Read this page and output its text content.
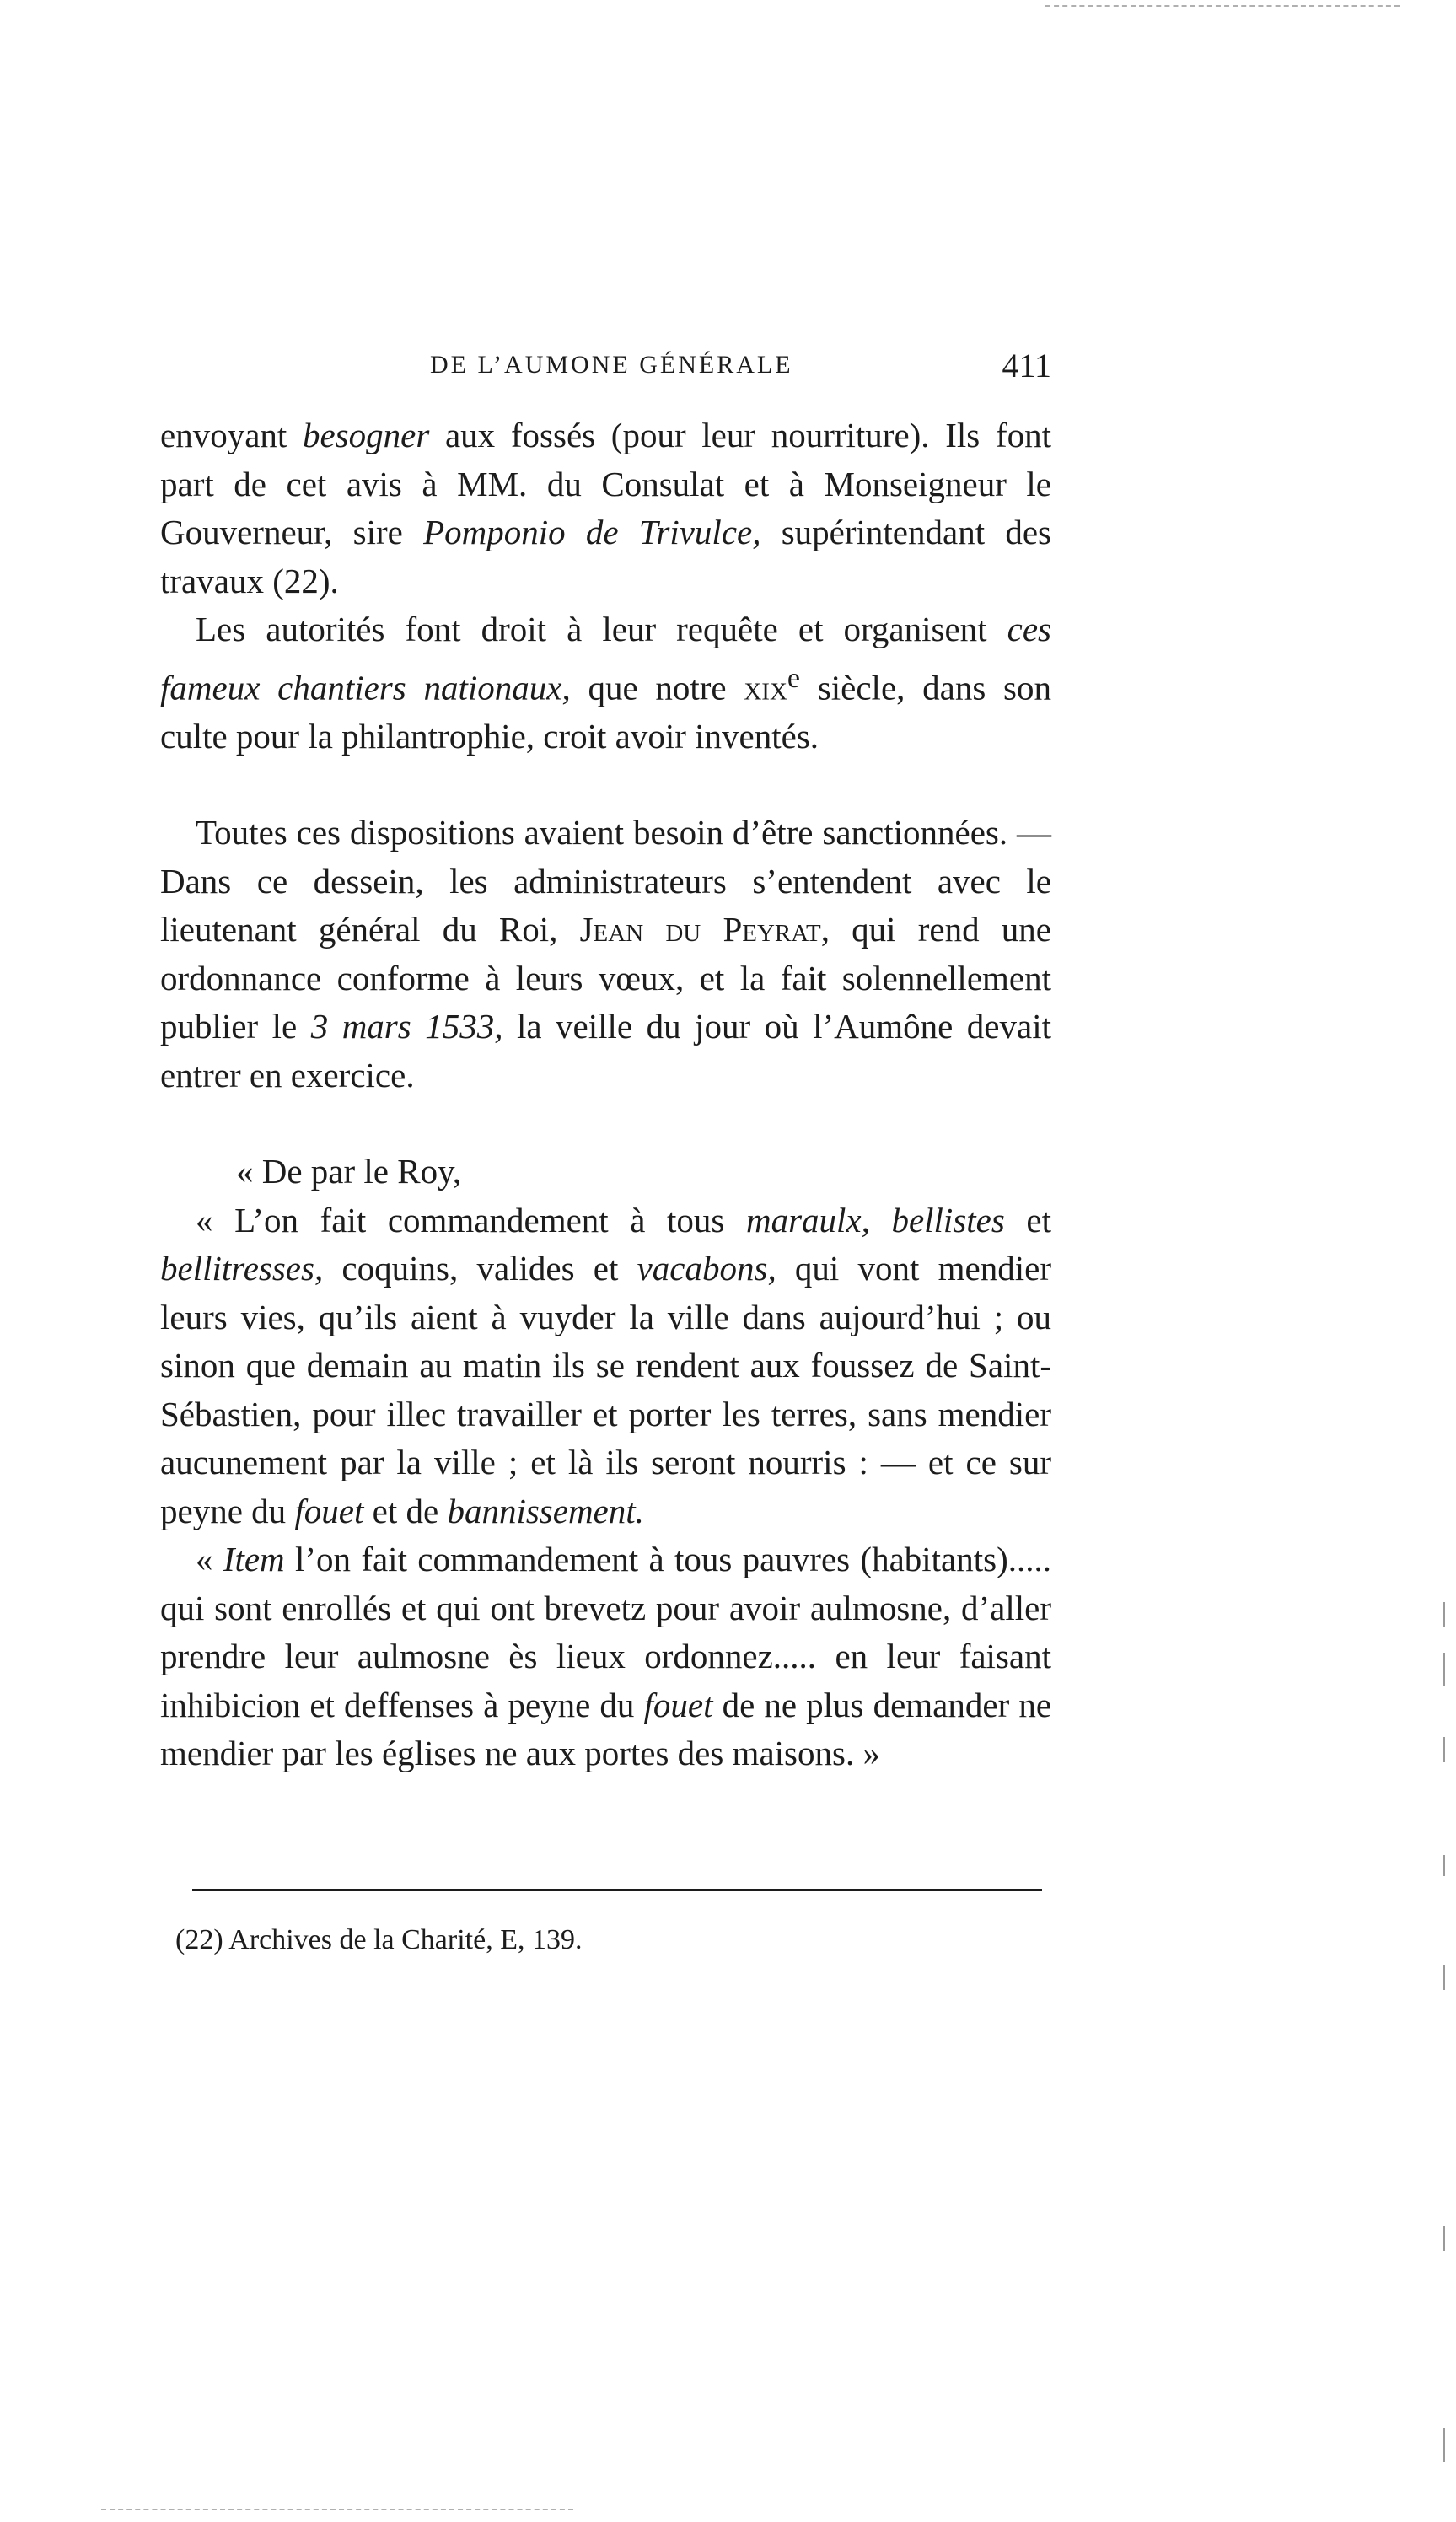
DE L’AUMONE GÉNÉRALE	411

envoyant besogner aux fossés (pour leur nourriture). Ils font part de cet avis à MM. du Consulat et à Monseigneur le Gouverneur, sire Pomponio de Trivulce, supérintendant des travaux (22).

Les autorités font droit à leur requête et organisent ces fameux chantiers nationaux, que notre xix$^e$ siècle, dans son culte pour la philantrophie, croit avoir inventés.

Toutes ces dispositions avaient besoin d’être sanctionnées. — Dans ce dessein, les administrateurs s’entendent avec le lieutenant général du Roi, Jean du Peyrat, qui rend une ordonnance conforme à leurs vœux, et la fait solennellement publier le 3 mars 1533, la veille du jour où l’Aumône devait entrer en exercice.

« De par le Roy,

« L’on fait commandement à tous maraulx, bellistes et bellitresses, coquins, valides et vacabons, qui vont mendier leurs vies, qu’ils aient à vuyder la ville dans aujourd’hui ; ou sinon que demain au matin ils se rendent aux foussez de Saint-Sébastien, pour illec travailler et porter les terres, sans mendier aucunement par la ville ; et là ils seront nourris : — et ce sur peyne du fouet et de bannissement.

« Item l’on fait commandement à tous pauvres (habitants)..... qui sont enrollés et qui ont brevetz pour avoir aulmosne, d’aller prendre leur aulmosne ès lieux ordonnez..... en leur faisant inhibicion et deffenses à peyne du fouet de ne plus demander ne mendier par les églises ne aux portes des maisons. »

(22) Archives de la Charité, E, 139.
